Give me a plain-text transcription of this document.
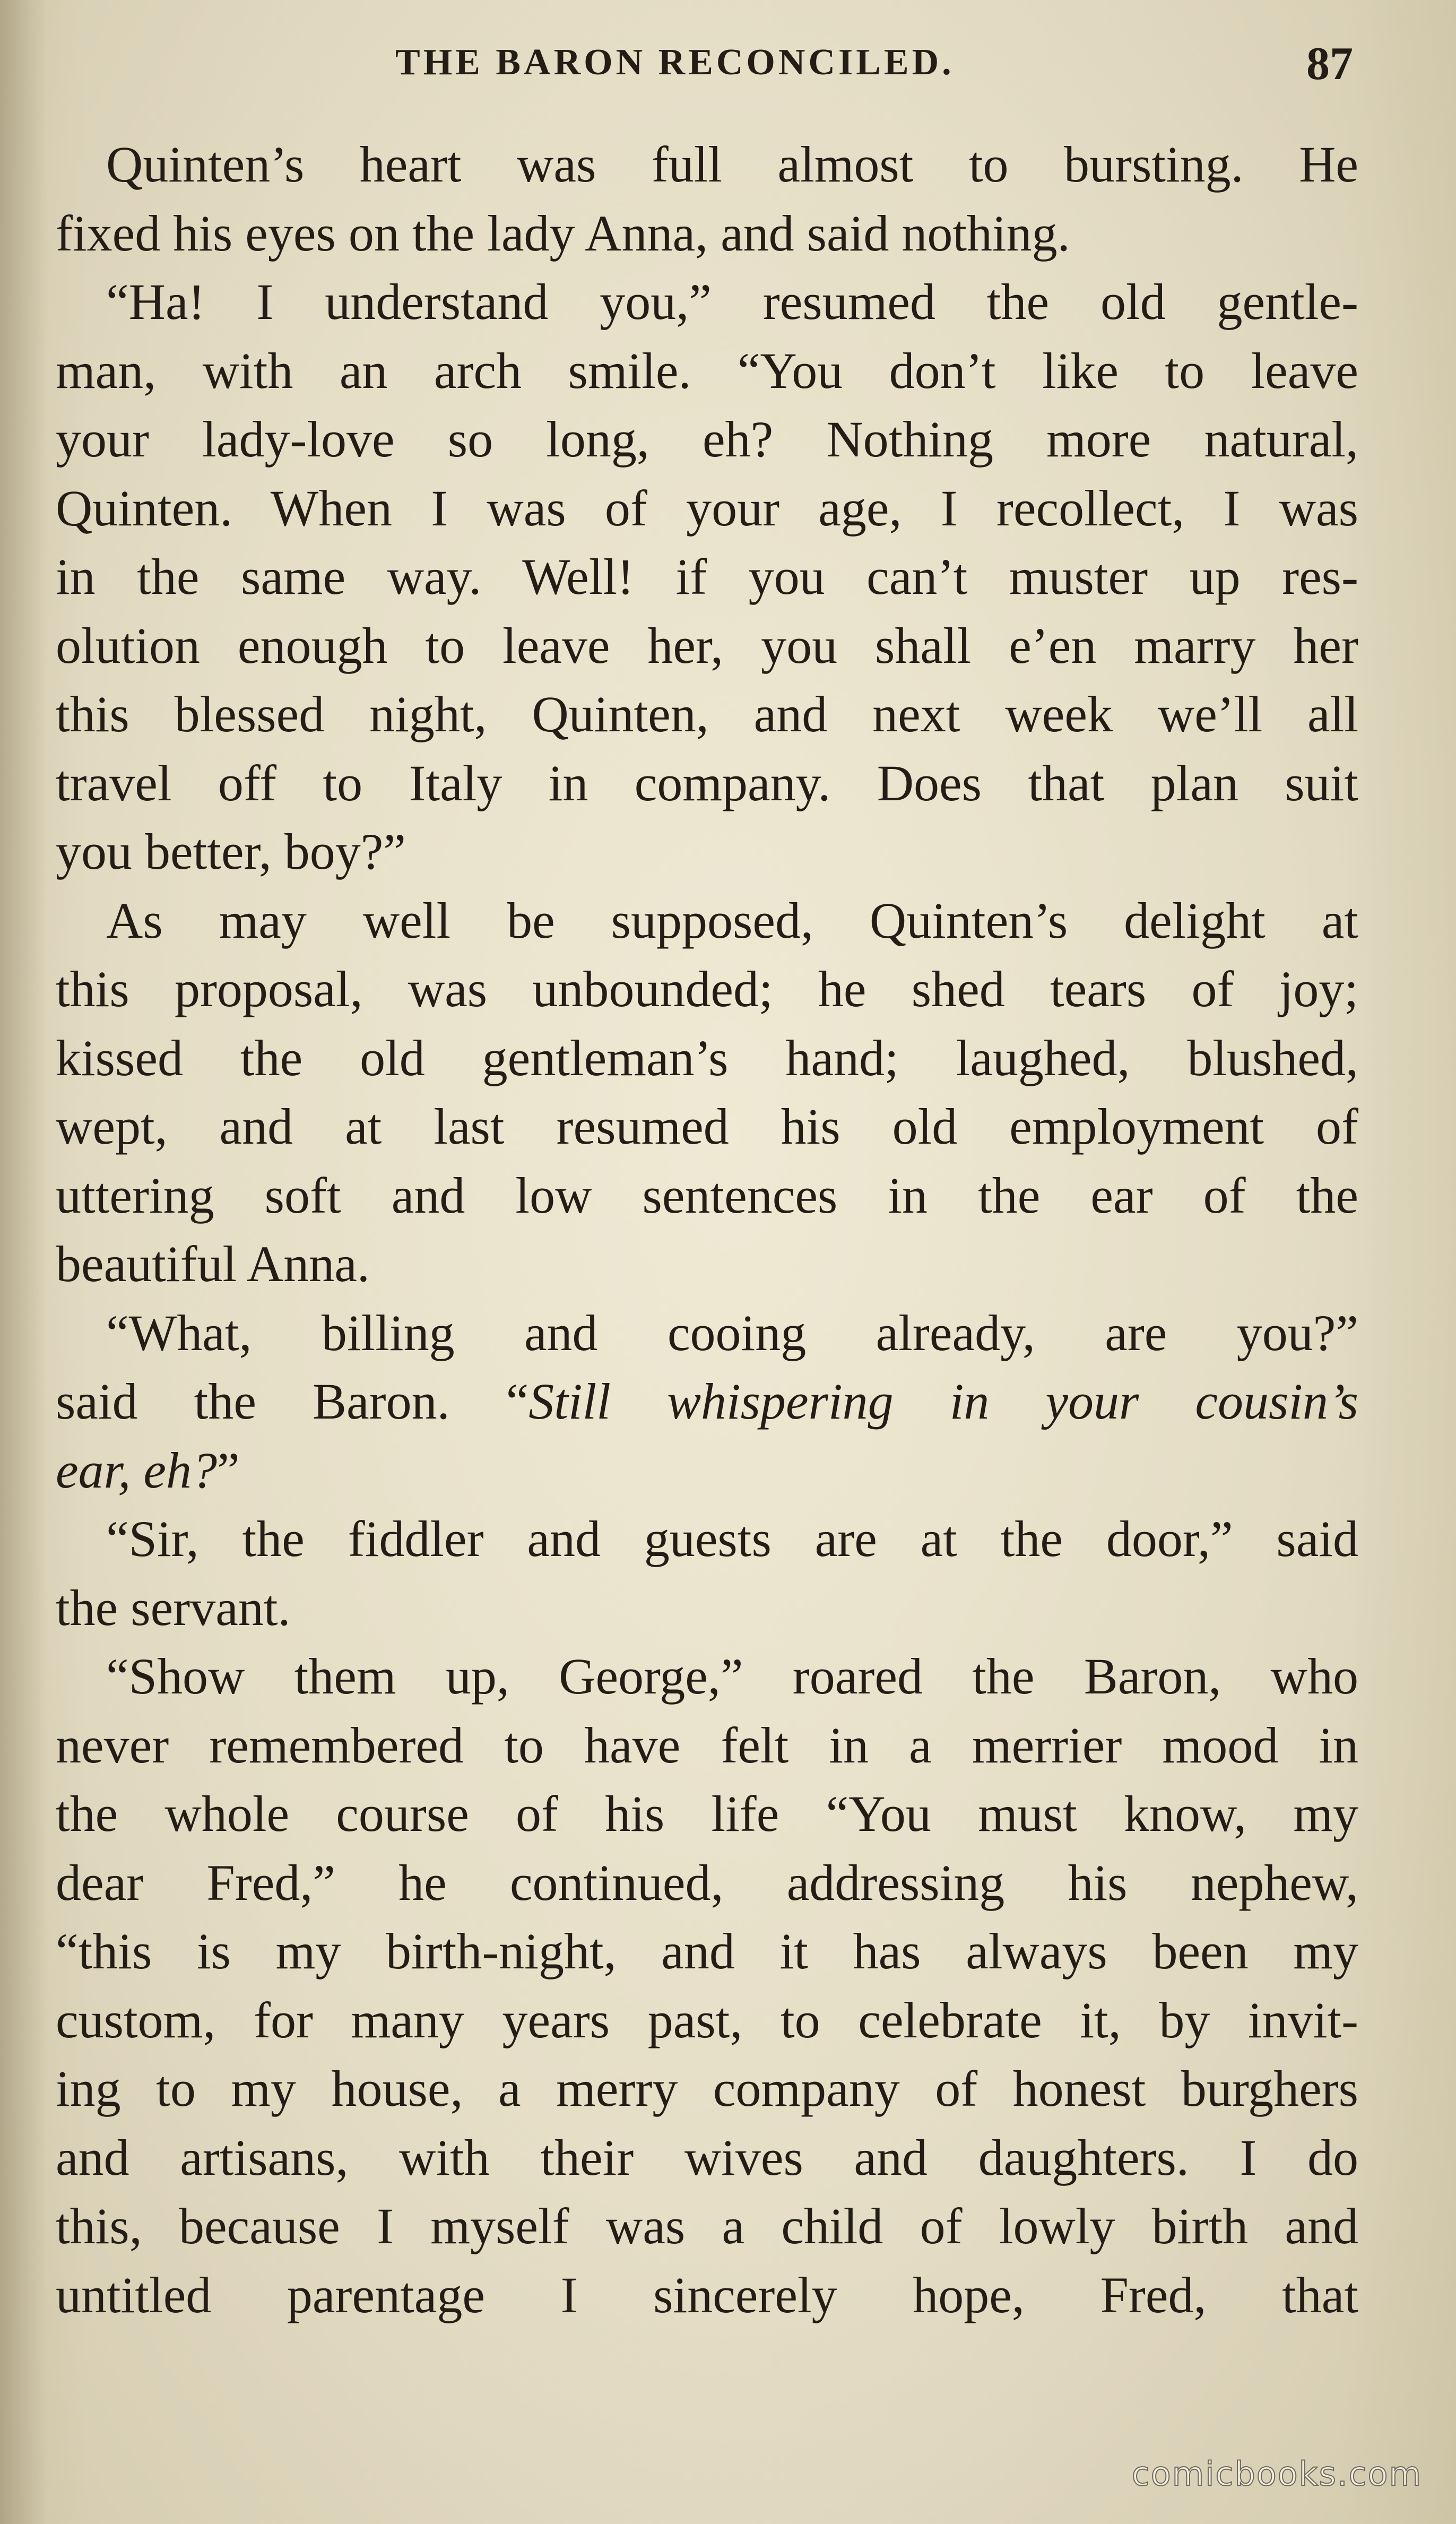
THE BARON RECONCILED.	87

Quinten’s heart was full almost to bursting. He
fixed his eyes on the lady Anna, and said nothing.

“Ha! I understand you,” resumed the old gentle-
man, with an arch smile. “You don’t like to leave
your lady-love so long, eh? Nothing more natural,
Quinten. When I was of your age, I recollect, I was
in the same way. Well! if you can’t muster up res-
olution enough to leave her, you shall e’en marry her
this blessed night, Quinten, and next week we’ll all
travel off to Italy in company. Does that plan suit
you better, boy?”

As may well be supposed, Quinten’s delight at
this proposal, was unbounded; he shed tears of joy;
kissed the old gentleman’s hand; laughed, blushed,
wept, and at last resumed his old employment of
uttering soft and low sentences in the ear of the
beautiful Anna.

“What, billing and cooing already, are you?”
said the Baron. “Still whispering in your cousin’s
ear, eh?”

“Sir, the fiddler and guests are at the door,” said
the servant.

“Show them up, George,” roared the Baron, who
never remembered to have felt in a merrier mood in
the whole course of his life “You must know, my
dear Fred,” he continued, addressing his nephew,
“this is my birth-night, and it has always been my
custom, for many years past, to celebrate it, by invit-
ing to my house, a merry company of honest burghers
and artisans, with their wives and daughters. I do
this, because I myself was a child of lowly birth and
untitled parentage I sincerely hope, Fred, that

comicbooks.com
